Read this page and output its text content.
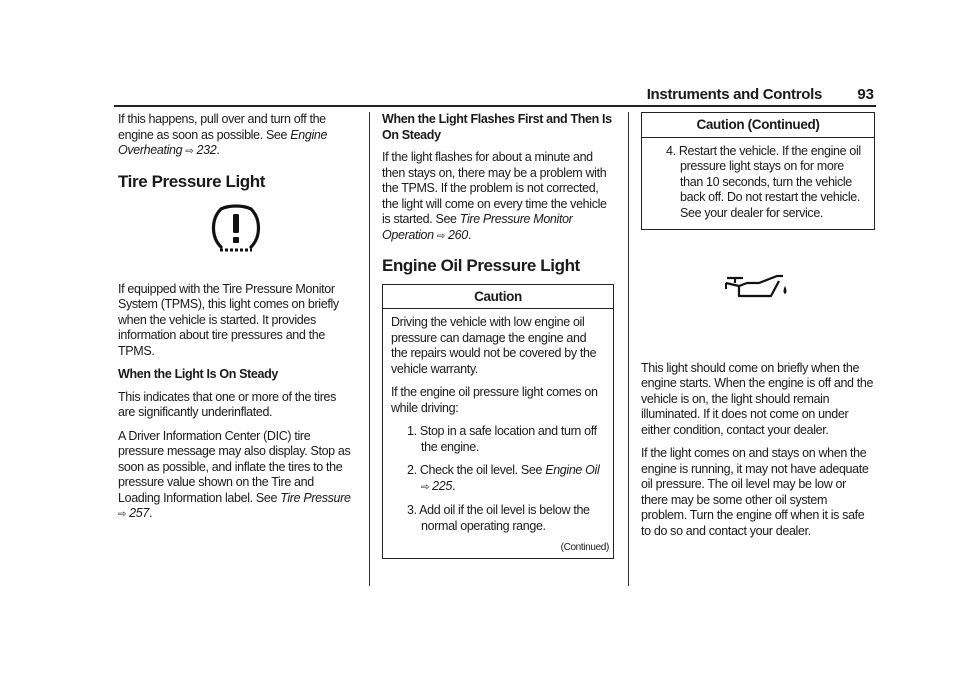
Instruments and Controls 93

If this happens, pull over and turn off the engine as soon as possible. See Engine Overheating ⇨ 232.

Tire Pressure Light

If equipped with the Tire Pressure Monitor System (TPMS), this light comes on briefly when the vehicle is started. It provides information about tire pressures and the TPMS.

When the Light Is On Steady

This indicates that one or more of the tires are significantly underinflated.

A Driver Information Center (DIC) tire pressure message may also display. Stop as soon as possible, and inflate the tires to the pressure value shown on the Tire and Loading Information label. See Tire Pressure
⇨ 257.

When the Light Flashes First and Then Is On Steady

If the light flashes for about a minute and then stays on, there may be a problem with the TPMS. If the problem is not corrected, the light will come on every time the vehicle is started. See Tire Pressure Monitor Operation ⇨ 260.

Engine Oil Pressure Light
Caution

Driving the vehicle with low engine oil pressure can damage the engine and the repairs would not be covered by the vehicle warranty.

If the engine oil pressure light comes on while driving:

1. Stop in a safe location and turn off the engine.
2. Check the oil level. See Engine Oil
⇨ 225.
3. Add oil if the oil level is below the normal operating range.
(Continued)
Caution (Continued)
4. Restart the vehicle. If the engine oil pressure light stays on for more than 10 seconds, turn the vehicle back off. Do not restart the vehicle. See your dealer for service.

This light should come on briefly when the engine starts. When the engine is off and the vehicle is on, the light should remain illuminated. If it does not come on under either condition, contact your dealer.

If the light comes on and stays on when the engine is running, it may not have adequate oil pressure. The oil level may be low or there may be some other oil system problem. Turn the engine off when it is safe to do so and contact your dealer.
